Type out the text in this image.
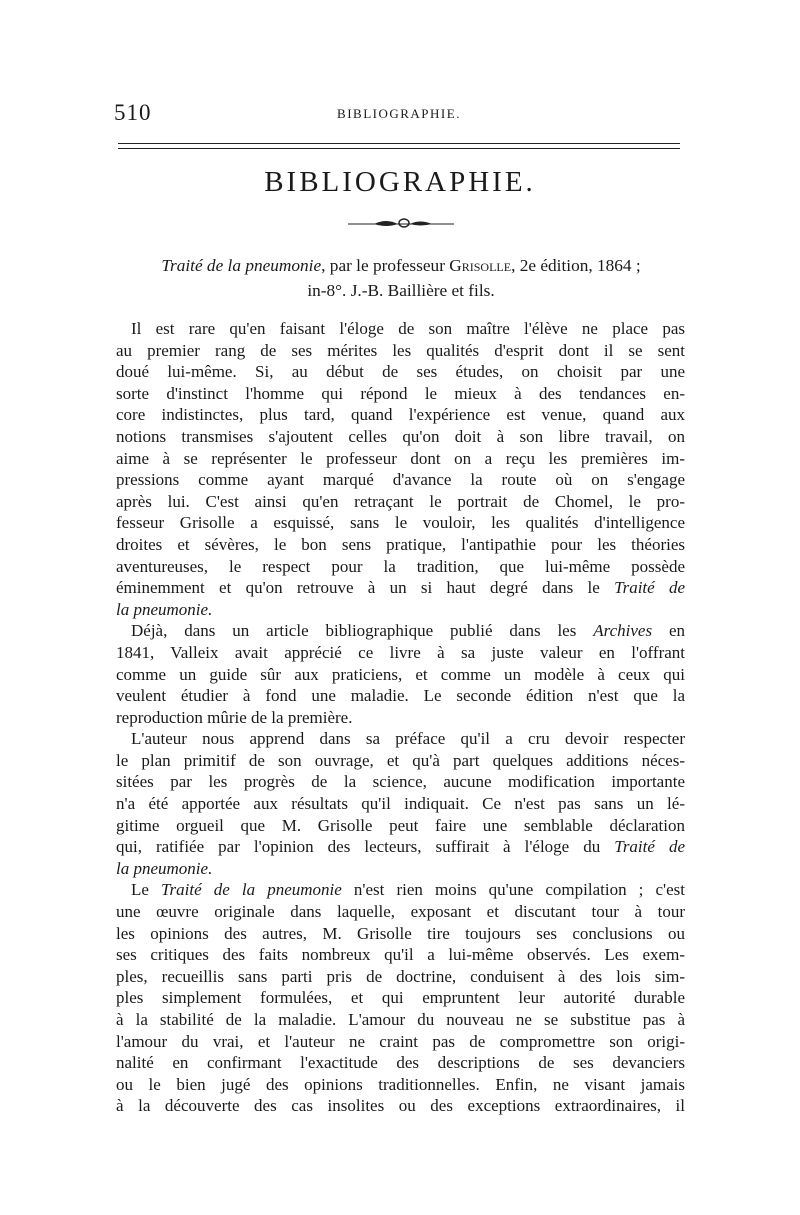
510	BIBLIOGRAPHIE.
BIBLIOGRAPHIE.
Traité de la pneumonie, par le professeur Grisolle, 2e édition, 1864 ;
in-8°. J.-B. Baillière et fils.
Il est rare qu'en faisant l'éloge de son maître l'élève ne place pas
au premier rang de ses mérites les qualités d'esprit dont il se sent
doué lui-même. Si, au début de ses études, on choisit par une
sorte d'instinct l'homme qui répond le mieux à des tendances en-
core indistinctes, plus tard, quand l'expérience est venue, quand aux
notions transmises s'ajoutent celles qu'on doit à son libre travail, on
aime à se représenter le professeur dont on a reçu les premières im-
pressions comme ayant marqué d'avance la route où on s'engage
après lui. C'est ainsi qu'en retraçant le portrait de Chomel, le pro-
fesseur Grisolle a esquissé, sans le vouloir, les qualités d'intelligence
droites et sévères, le bon sens pratique, l'antipathie pour les théories
aventureuses, le respect pour la tradition, que lui-même possède
éminemment et qu'on retrouve à un si haut degré dans le Traité de
la pneumonie.
Déjà, dans un article bibliographique publié dans les Archives en
1841, Valleix avait apprécié ce livre à sa juste valeur en l'offrant
comme un guide sûr aux praticiens, et comme un modèle à ceux qui
veulent étudier à fond une maladie. Le seconde édition n'est que la
reproduction mûrie de la première.
L'auteur nous apprend dans sa préface qu'il a cru devoir respecter
le plan primitif de son ouvrage, et qu'à part quelques additions néces-
sitées par les progrès de la science, aucune modification importante
n'a été apportée aux résultats qu'il indiquait. Ce n'est pas sans un lé-
gitime orgueil que M. Grisolle peut faire une semblable déclaration
qui, ratifiée par l'opinion des lecteurs, suffirait à l'éloge du Traité de
la pneumonie.
Le Traité de la pneumonie n'est rien moins qu'une compilation ; c'est
une œuvre originale dans laquelle, exposant et discutant tour à tour
les opinions des autres, M. Grisolle tire toujours ses conclusions ou
ses critiques des faits nombreux qu'il a lui-même observés. Les exem-
ples, recueillis sans parti pris de doctrine, conduisent à des lois sim-
ples simplement formulées, et qui empruntent leur autorité durable
à la stabilité de la maladie. L'amour du nouveau ne se substitue pas à
l'amour du vrai, et l'auteur ne craint pas de compromettre son origi-
nalité en confirmant l'exactitude des descriptions de ses devanciers
ou le bien jugé des opinions traditionnelles. Enfin, ne visant jamais
à la découverte des cas insolites ou des exceptions extraordinaires, il
